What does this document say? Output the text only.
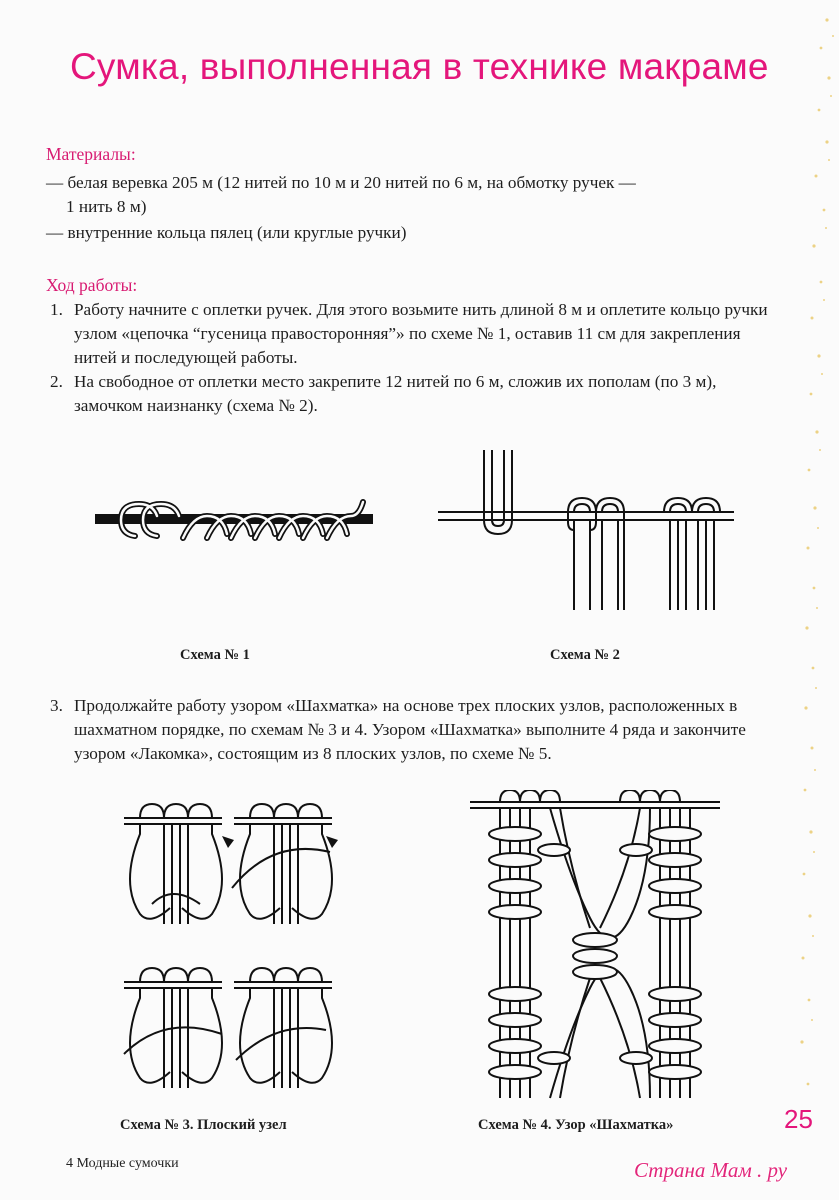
Сумка, выполненная в технике макраме
Материалы:
— белая веревка 205 м (12 нитей по 10 м и 20 нитей по 6 м, на обмотку ручек —
1 нить 8 м)
— внутренние кольца пялец (или круглые ручки)
Ход работы:
1. Работу начните с оплетки ручек. Для этого возьмите нить длиной 8 м и оплетите кольцо ручки узлом «цепочка “гусеница правосторонняя”» по схеме № 1, оставив 11 см для закрепления нитей и последующей работы.
2. На свободное от оплетки место закрепите 12 нитей по 6 м, сложив их пополам (по 3 м), замочком наизнанку (схема № 2).
Схема № 1	Схема № 2
3. Продолжайте работу узором «Шахматка» на основе трех плоских узлов, расположенных в шахматном порядке, по схемам № 3 и 4. Узором «Шахматка» выполните 4 ряда и закончите узором «Лакомка», состоящим из 8 плоских узлов, по схеме № 5.
Схема № 3. Плоский узел	Схема № 4. Узор «Шахматка»	25
4 Модные сумочки	Страна Мам . ру
